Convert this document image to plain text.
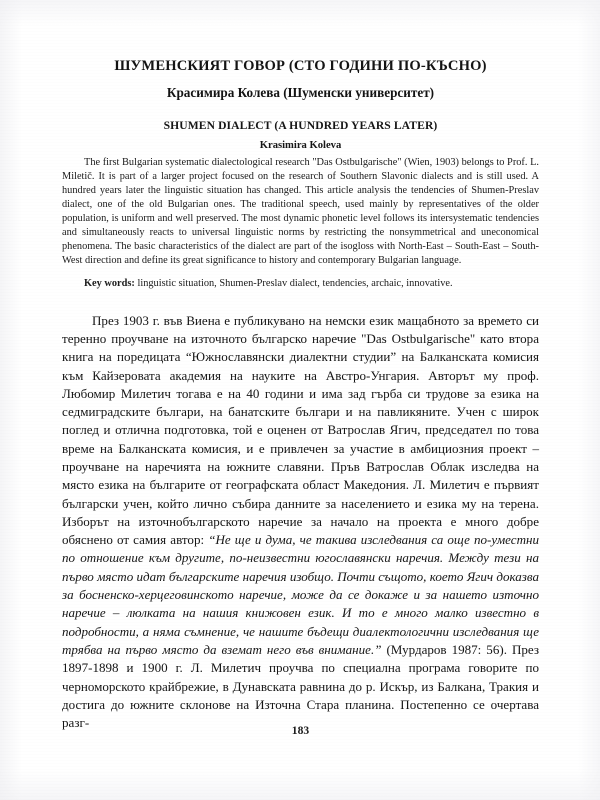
ШУМЕНСКИЯТ ГОВОР (СТО ГОДИНИ ПО-КЪСНО)

Красимира Колева (Шуменски университет)

SHUMEN DIALECT (A HUNDRED YEARS LATER)

Krasimira Koleva

The first Bulgarian systematic dialectological research "Das Ostbulgarische" (Wien, 1903) belongs to Prof. L. Miletič. It is part of a larger project focused on the research of Southern Slavonic dialects and is still used. A hundred years later the linguistic situation has changed. This article analysis the tendencies of Shumen-Preslav dialect, one of the old Bulgarian ones. The traditional speech, used mainly by representatives of the older population, is uniform and well preserved. The most dynamic phonetic level follows its intersystematic tendencies and simultaneously reacts to universal linguistic norms by restricting the nonsymmetrical and uneconomical phenomena. The basic characteristics of the dialect are part of the isogloss with North-East – South-East – South-West direction and define its great significance to history and contemporary Bulgarian language.

Key words: linguistic situation, Shumen-Preslav dialect, tendencies, archaic, innovative.

През 1903 г. във Виена е публикувано на немски език мащабното за времето си теренно проучване на източното българско наречие "Das Ostbulgarische" като втора книга на поредицата “Южнославянски диалектни студии” на Балканската комисия към Кайзеровата академия на науките на Австро-Унгария. Авторът му проф. Любомир Милетич тогава е на 40 години и има зад гърба си трудове за езика на седмиградските българи, на банатските българи и на павликяните. Учен с широк поглед и отлична подготовка, той е оценен от Ватрослав Ягич, председател по това време на Балканската комисия, и е привлечен за участие в амбициозния проект – проучване на наречията на южните славяни. Пръв Ватрослав Облак изследва на място езика на българите от географската област Македония. Л. Милетич е първият български учен, който лично събира данните за населението и езика му на терена. Изборът на източнобългарското наречие за начало на проекта е много добре обяснено от самия автор: “Не ще и дума, че такива изследвания са още по-уместни по отношение към другите, по-неизвестни югославянски наречия. Между тези на първо място идат българските наречия изобщо. Почти същото, което Ягич доказва за босненско-херцеговинското наречие, може да се докаже и за нашето източно наречие – люлката на нашия книжовен език. И то е много малко известно в подробности, а няма съмнение, че нашите бъдещи диалектологични изследвания ще трябва на първо място да вземат него във внимание.” (Мурдаров 1987: 56). През 1897-1898 и 1900 г. Л. Милетич проучва по специална програма говорите по черноморското крайбрежие, в Дунавската равнина до р. Искър, из Балкана, Тракия и достига до южните склонове на Източна Стара планина. Постепенно се очертава разг-

183
